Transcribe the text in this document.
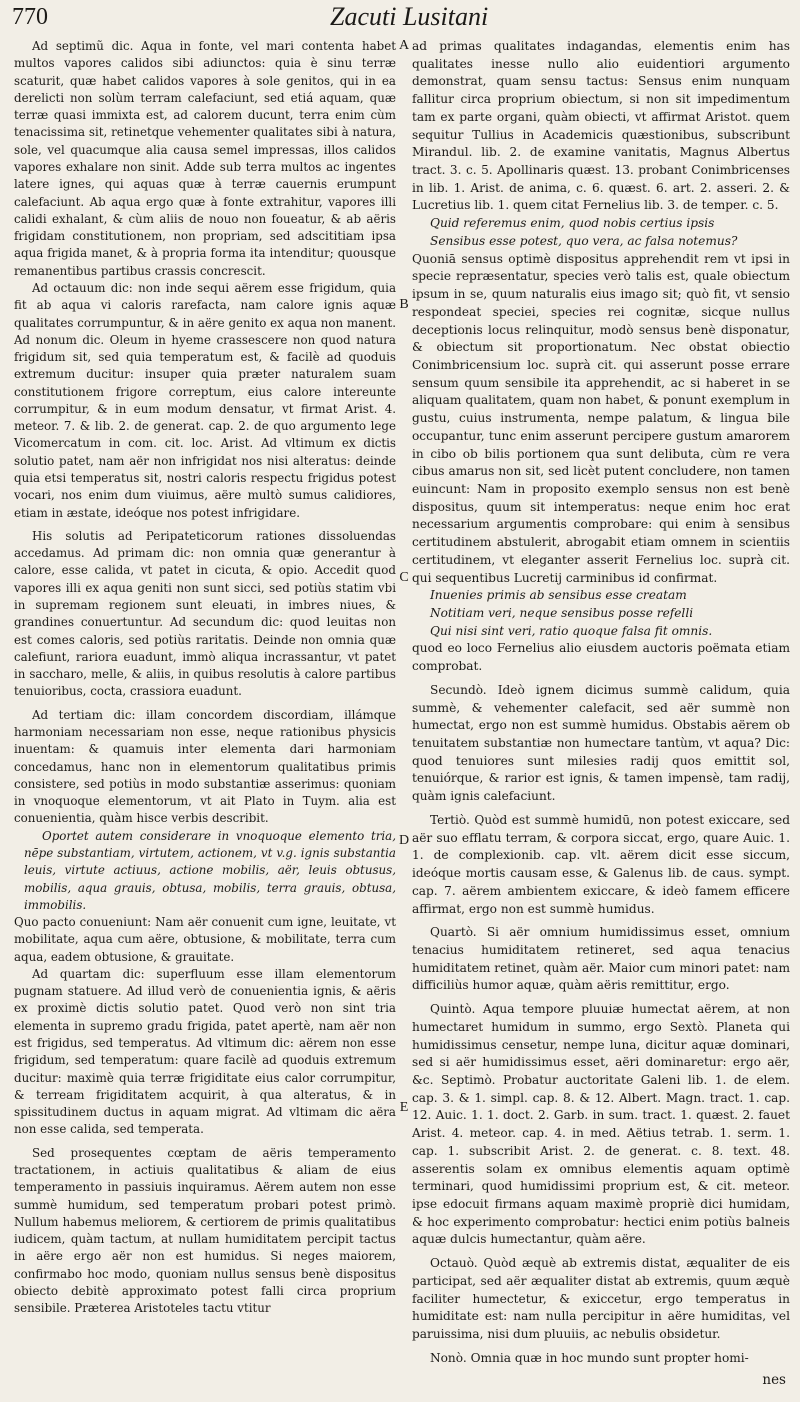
770	Zacuti Lusitani

Ad septimũ dic. Aqua in fonte, vel mari contenta habet multos vapores calidos sibi adiunctos: quia è sinu terræ scaturit, quæ habet calidos vapores à sole genitos, qui in ea derelicti non solùm terram calefaciunt, sed etiá aquam, quæ terræ quasi immixta est, ad calorem ducunt, terra enim cùm tenacissima sit, retinetque vehementer qualitates sibi à natura, sole, vel quacumque alia causa semel impressas, illos calidos vapores exhalare non sinit. Adde sub terra multos ac ingentes latere ignes, qui aquas quæ à terræ cauernis erumpunt calefaciunt. Ab aqua ergo quæ à fonte extrahitur, vapores illi calidi exhalant, & cùm aliis de nouo non foueatur, & ab aëris frigidam constitutionem, non propriam, sed adscititiam ipsa aqua frigida manet, & à propria forma ita intenditur; quousque remanentibus partibus crassis concrescit.

Ad octauum dic: non inde sequi aërem esse frigidum, quia fit ab aqua vi caloris rarefacta, nam calore ignis aquæ qualitates corrumpuntur, & in aëre genito ex aqua non manent. Ad nonum dic. Oleum in hyeme crassescere non quod natura frigidum sit, sed quia temperatum est, & facilè ad quoduis extremum ducitur: insuper quia præter naturalem suam constitutionem frigore correptum, eius calore intereunte corrumpitur, & in eum modum densatur, vt firmat Arist. 4. meteor. 7. & lib. 2. de generat. cap. 2. de quo argumento lege Vicomercatum in com. cit. loc. Arist. Ad vltimum ex dictis solutio patet, nam aër non infrigidat nos nisi alteratus: deinde quia etsi temperatus sit, nostri caloris respectu frigidus potest vocari, nos enim dum viuimus, aëre multò sumus calidiores, etiam in æstate, ideóque nos potest infrigidare.

His solutis ad Peripateticorum rationes dissoluendas accedamus. Ad primam dic: non omnia quæ generantur à calore, esse calida, vt patet in cicuta, & opio. Accedit quod vapores illi ex aqua geniti non sunt sicci, sed potiùs statim vbi in supremam regionem sunt eleuati, in imbres niues, & grandines conuertuntur. Ad secundum dic: quod leuitas non est comes caloris, sed potiùs raritatis. Deinde non omnia quæ calefiunt, rariora euadunt, immò aliqua incrassantur, vt patet in saccharo, melle, & aliis, in quibus resolutis à calore partibus tenuioribus, cocta, crassiora euadunt.

Ad tertiam dic: illam concordem discordiam, illámque harmoniam necessariam non esse, neque rationibus physicis inuentam: & quamuis inter elementa dari harmoniam concedamus, hanc non in elementorum qualitatibus primis consistere, sed potiùs in modo substantiæ asserimus: quoniam in vnoquoque elementorum, vt ait Plato in Tuym. alia est conuenientia, quàm hisce verbis describit.

Oportet autem considerare in vnoquoque elemento tria, nēpe substantiam, virtutem, actionem, vt v.g. ignis substantia leuis, virtute actiuus, actione mobilis, aër, leuis obtusus, mobilis, aqua grauis, obtusa, mobilis, terra grauis, obtusa, immobilis.

Quo pacto conueniunt: Nam aër conuenit cum igne, leuitate, vt mobilitate, aqua cum aëre, obtusione, & mobilitate, terra cum aqua, eadem obtusione, & grauitate.

Ad quartam dic: superfluum esse illam elementorum pugnam statuere. Ad illud verò de conuenientia ignis, & aëris ex proximè dictis solutio patet. Quod verò non sint tria elementa in supremo gradu frigida, patet apertè, nam aër non est frigidus, sed temperatus. Ad vltimum dic: aërem non esse frigidum, sed temperatum: quare facilè ad quoduis extremum ducitur: maximè quia terræ frigiditate eius calor corrumpitur, & terream frigiditatem acquirit, à qua alteratus, & in spissitudinem ductus in aquam migrat. Ad vltimam dic aëra non esse calida, sed temperata.

Sed prosequentes cœptam de aëris temperamento tractationem, in actiuis qualitatibus & aliam de eius temperamento in passiuis inquiramus. Aërem autem non esse summè humidum, sed temperatum probari potest primò. Nullum habemus meliorem, & certiorem de primis qualitatibus iudicem, quàm tactum, at nullam humiditatem percipit tactus in aëre ergo aër non est humidus. Si neges maiorem, confirmabo hoc modo, quoniam nullus sensus benè dispositus obiecto debitè approximato potest falli circa proprium sensibile. Præterea Aristoteles tactu vtitur

A
B
C
D
E

ad primas qualitates indagandas, elementis enim has qualitates inesse nullo alio euidentiori argumento demonstrat, quam sensu tactus: Sensus enim nunquam fallitur circa proprium obiectum, si non sit impedimentum tam ex parte organi, quàm obiecti, vt affirmat Aristot. quem sequitur Tullius in Academicis quæstionibus, subscribunt Mirandul. lib. 2. de examine vanitatis, Magnus Albertus tract. 3. c. 5. Apollinaris quæst. 13. probant Conimbricenses in lib. 1. Arist. de anima, c. 6. quæst. 6. art. 2. asseri. 2. & Lucretius lib. 1. quem citat Fernelius lib. 3. de temper. c. 5.

Quid referemus enim, quod nobis certius ipsis

Sensibus esse potest, quo vera, ac falsa notemus?

Quoniā sensus optimè dispositus apprehendit rem vt ipsi in specie repræsentatur, species verò talis est, quale obiectum ipsum in se, quum naturalis eius imago sit; quò fit, vt sensio respondeat speciei, species rei cognitæ, sicque nullus deceptionis locus relinquitur, modò sensus benè disponatur, & obiectum sit proportionatum. Nec obstat obiectio Conimbricensium loc. suprà cit. qui asserunt posse errare sensum quum sensibile ita apprehendit, ac si haberet in se aliquam qualitatem, quam non habet, & ponunt exemplum in gustu, cuius instrumenta, nempe palatum, & lingua bile occupantur, tunc enim asserunt percipere gustum amarorem in cibo ob bilis portionem qua sunt delibuta, cùm re vera cibus amarus non sit, sed licèt putent concludere, non tamen euincunt: Nam in proposito exemplo sensus non est benè dispositus, quum sit intemperatus: neque enim hoc erat necessarium argumentis comprobare: qui enim à sensibus certitudinem abstulerit, abrogabit etiam omnem in scientiis certitudinem, vt eleganter asserit Fernelius loc. suprà cit. qui sequentibus Lucretij carminibus id confirmat.

Inuenies primis ab sensibus esse creatam

Notitiam veri, neque sensibus posse refelli

Qui nisi sint veri, ratio quoque falsa fit omnis.

quod eo loco Fernelius alio eiusdem auctoris poëmata etiam comprobat.

Secundò. Ideò ignem dicimus summè calidum, quia summè, & vehementer calefacit, sed aër summè non humectat, ergo non est summè humidus. Obstabis aërem ob tenuitatem substantiæ non humectare tantùm, vt aqua? Dic: quod tenuiores sunt milesies radij quos emittit sol, tenuiórque, & rarior est ignis, & tamen impensè, tam radij, quàm ignis calefaciunt.

Tertiò. Quòd est summè humidū, non potest exiccare, sed aër suo efflatu terram, & corpora siccat, ergo, quare Auic. 1. 1. de complexionib. cap. vlt. aërem dicit esse siccum, ideóque mortis causam esse, & Galenus lib. de caus. sympt. cap. 7. aërem ambientem exiccare, & ideò famem efficere affirmat, ergo non est summè humidus.

Quartò. Si aër omnium humidissimus esset, omnium tenacius humiditatem retineret, sed aqua tenacius humiditatem retinet, quàm aër. Maior cum minori patet: nam difficiliùs humor aquæ, quàm aëris remittitur, ergo.

Quintò. Aqua tempore pluuiæ humectat aërem, at non humectaret humidum in summo, ergo Sextò. Planeta qui humidissimus censetur, nempe luna, dicitur aquæ dominari, sed si aër humidissimus esset, aëri dominaretur: ergo aër, &c. Septimò. Probatur auctoritate Galeni lib. 1. de elem. cap. 3. & 1. simpl. cap. 8. & 12. Albert. Magn. tract. 1. cap. 12. Auic. 1. 1. doct. 2. Garb. in sum. tract. 1. quæst. 2. fauet Arist. 4. meteor. cap. 4. in med. Aëtius tetrab. 1. serm. 1. cap. 1. subscribit Arist. 2. de generat. c. 8. text. 48. asserentis solam ex omnibus elementis aquam optimè terminari, quod humidissimi proprium est, & cit. meteor. ipse edocuit firmans aquam maximè propriè dici humidam, & hoc experimento comprobatur: hectici enim potiùs balneis aquæ dulcis humectantur, quàm aëre.

Octauò. Quòd æquè ab extremis distat, æqualiter de eis participat, sed aër æqualiter distat ab extremis, quum æquè faciliter humectetur, & exiccetur, ergo temperatus in humiditate est: nam nulla percipitur in aëre humiditas, vel paruissima, nisi dum pluuiis, ac nebulis obsidetur.

Nonò. Omnia quæ in hoc mundo sunt propter homi-

nes
